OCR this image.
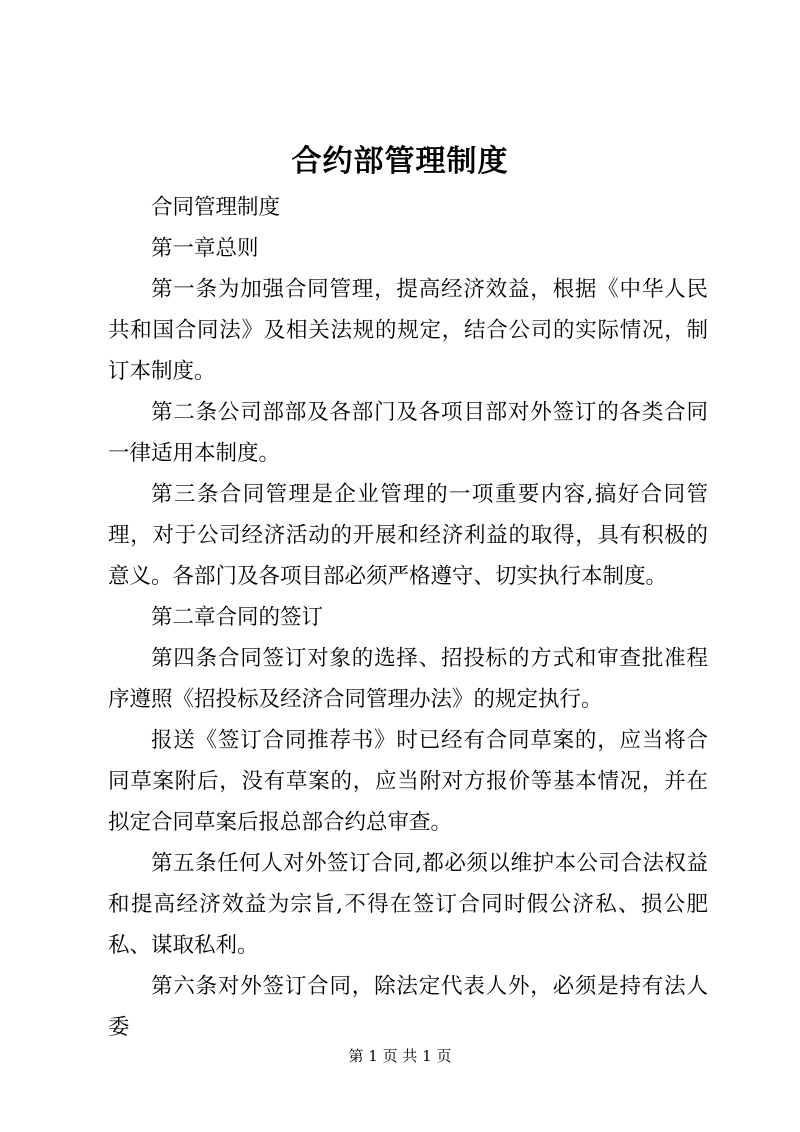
合约部管理制度

合同管理制度

第一章总则

第一条为加强合同管理，提高经济效益，根据《中华人民共和国合同法》及相关法规的规定，结合公司的实际情况，制订本制度。

第二条公司部部及各部门及各项目部对外签订的各类合同一律适用本制度。

第三条合同管理是企业管理的一项重要内容,搞好合同管理，对于公司经济活动的开展和经济利益的取得，具有积极的意义。各部门及各项目部必须严格遵守、切实执行本制度。

第二章合同的签订

第四条合同签订对象的选择、招投标的方式和审查批准程序遵照《招投标及经济合同管理办法》的规定执行。

报送《签订合同推荐书》时已经有合同草案的，应当将合同草案附后，没有草案的，应当附对方报价等基本情况，并在拟定合同草案后报总部合约总审查。

第五条任何人对外签订合同,都必须以维护本公司合法权益和提高经济效益为宗旨,不得在签订合同时假公济私、损公肥私、谋取私利。

第六条对外签订合同，除法定代表人外，必须是持有法人委

第 1 页 共 1 页
